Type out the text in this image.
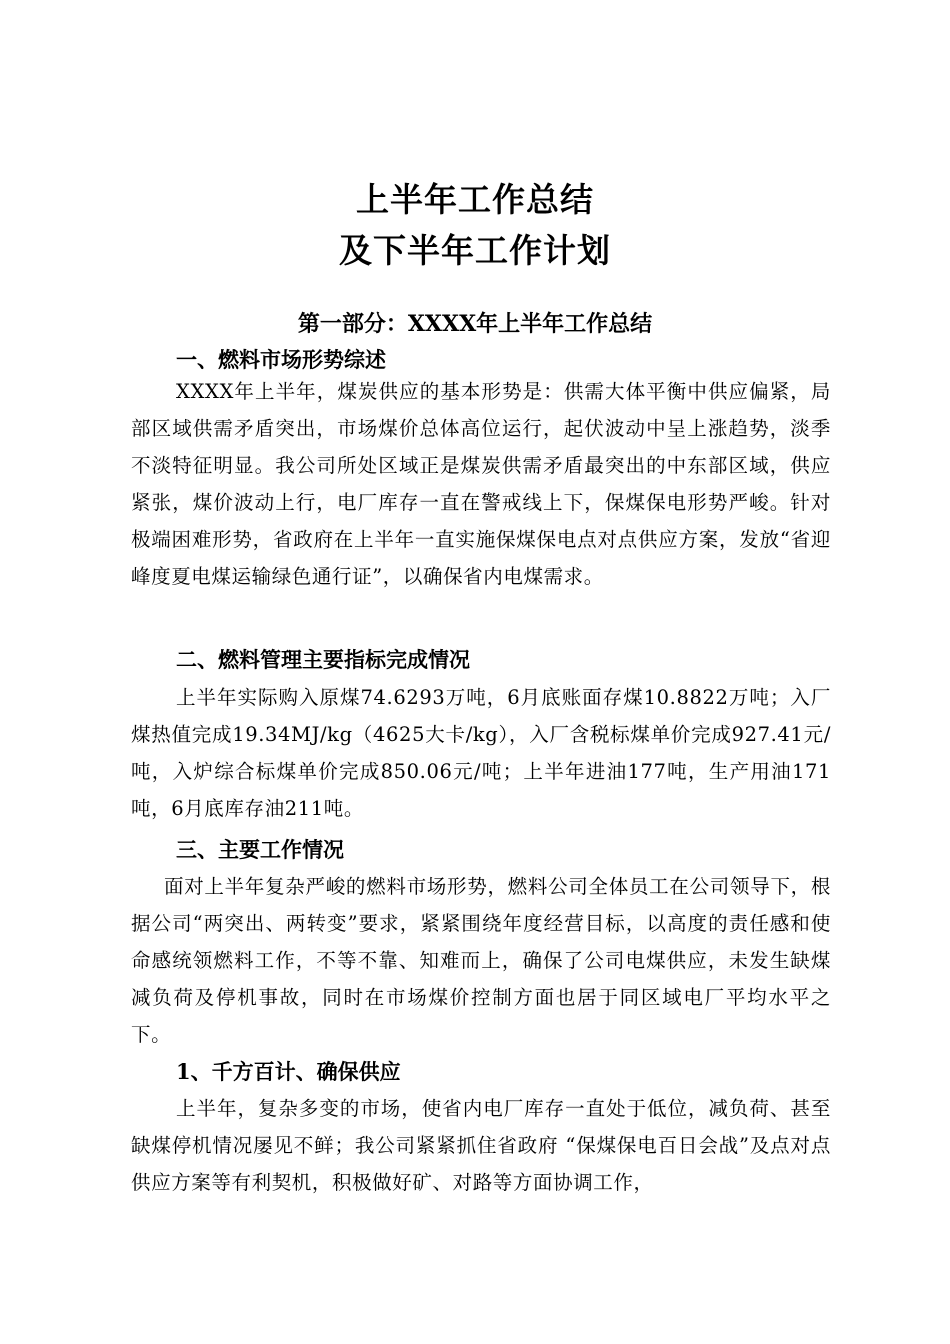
上半年工作总结
及下半年工作计划
第一部分：XXXX年上半年工作总结
一、燃料市场形势综述

XXXX年上半年，煤炭供应的基本形势是：供需大体平衡中供应偏紧，局部区域供需矛盾突出，市场煤价总体高位运行，起伏波动中呈上涨趋势，淡季不淡特征明显。我公司所处区域正是煤炭供需矛盾最突出的中东部区域，供应紧张，煤价波动上行，电厂库存一直在警戒线上下，保煤保电形势严峻。针对极端困难形势，省政府在上半年一直实施保煤保电点对点供应方案，发放“省迎峰度夏电煤运输绿色通行证”，以确保省内电煤需求。

二、燃料管理主要指标完成情况

上半年实际购入原煤74.6293万吨，6月底账面存煤10.8822万吨；入厂煤热值完成19.34MJ/kg（4625大卡/kg），入厂含税标煤单价完成927.41元/吨，入炉综合标煤单价完成850.06元/吨；上半年进油177吨，生产用油171吨，6月底库存油211吨。

三、主要工作情况

面对上半年复杂严峻的燃料市场形势，燃料公司全体员工在公司领导下，根据公司“两突出、两转变”要求，紧紧围绕年度经营目标，以高度的责任感和使命感统领燃料工作，不等不靠、知难而上，确保了公司电煤供应，未发生缺煤减负荷及停机事故，同时在市场煤价控制方面也居于同区域电厂平均水平之下。

1、千方百计、确保供应

上半年，复杂多变的市场，使省内电厂库存一直处于低位，减负荷、甚至缺煤停机情况屡见不鲜；我公司紧紧抓住省政府 “保煤保电百日会战”及点对点供应方案等有利契机，积极做好矿、对路等方面协调工作，
